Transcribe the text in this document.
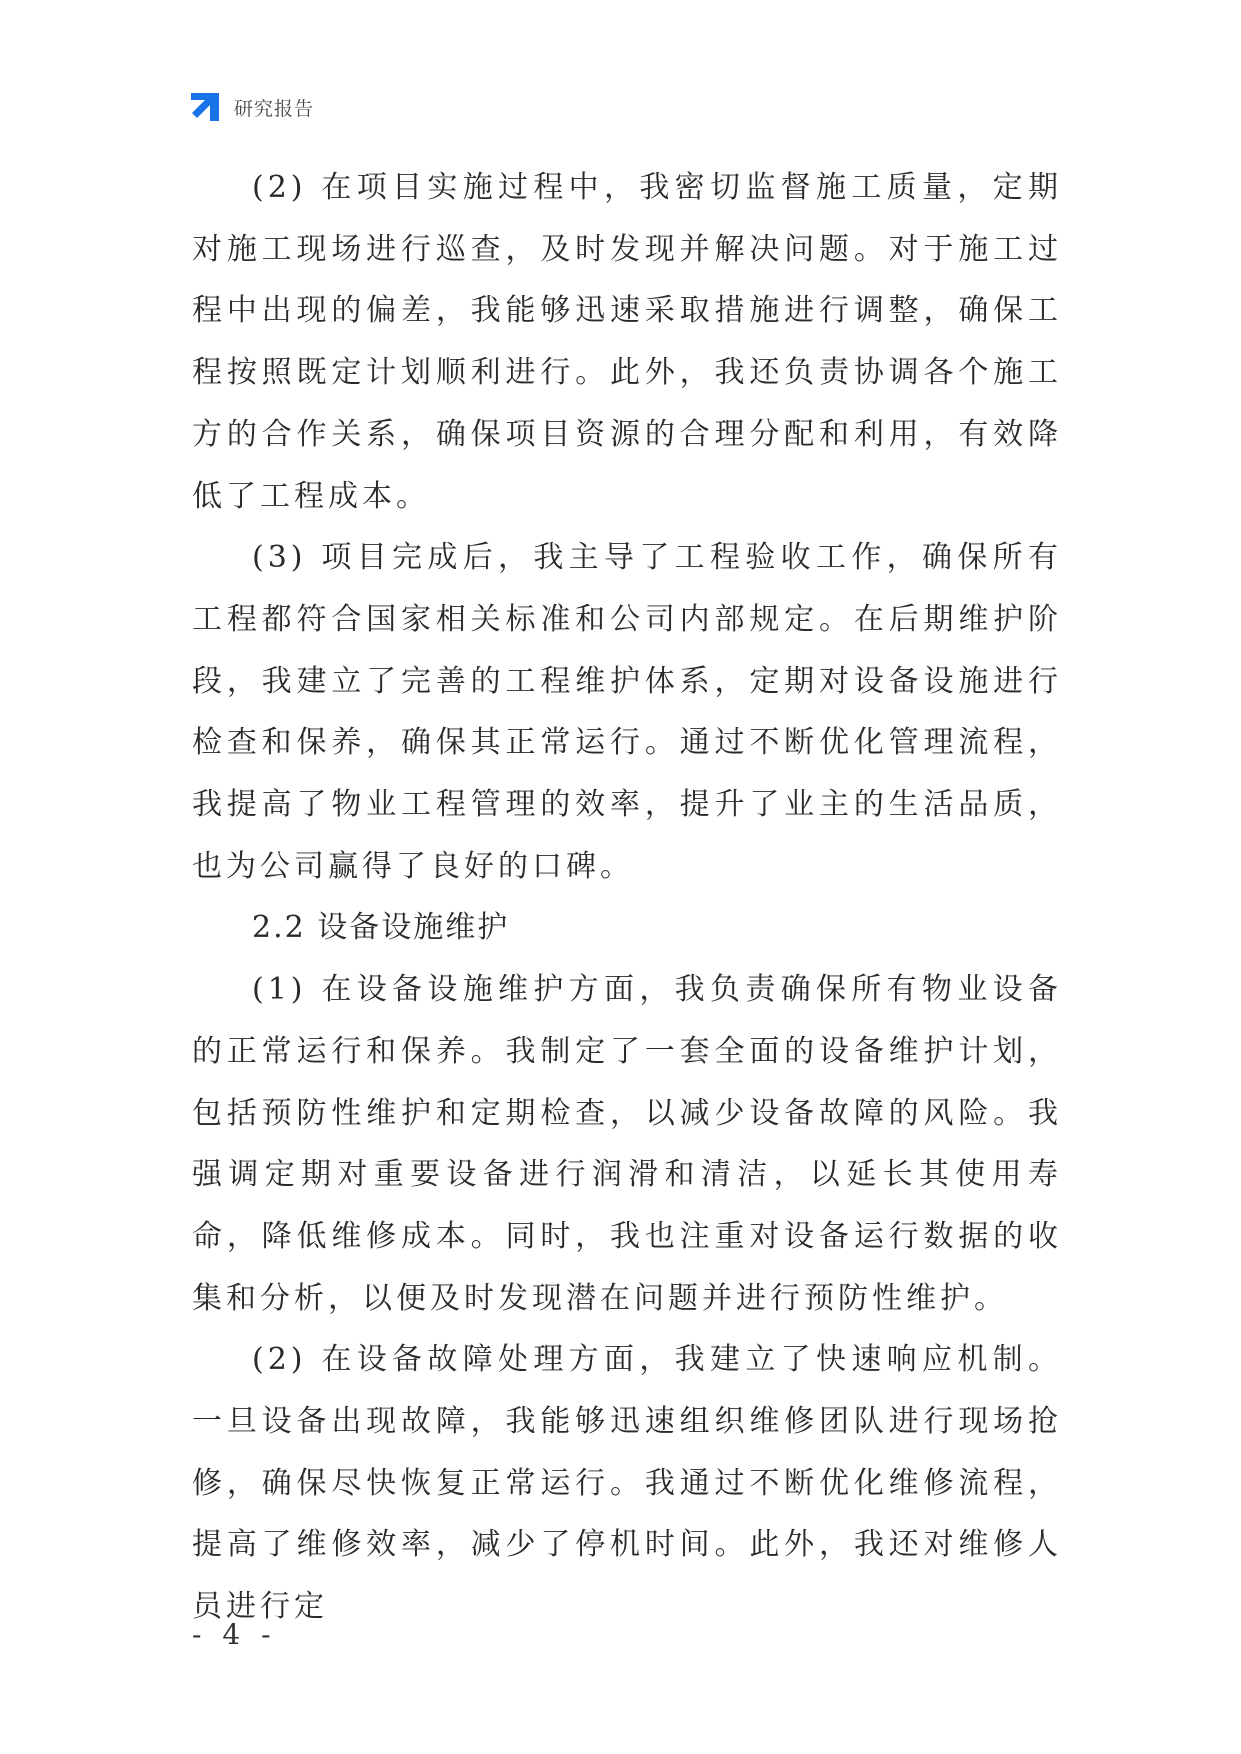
研究报告

(2) 在项目实施过程中，我密切监督施工质量，定期对施工现场进行巡查，及时发现并解决问题。对于施工过程中出现的偏差，我能够迅速采取措施进行调整，确保工程按照既定计划顺利进行。此外，我还负责协调各个施工方的合作关系，确保项目资源的合理分配和利用，有效降低了工程成本。

(3) 项目完成后，我主导了工程验收工作，确保所有工程都符合国家相关标准和公司内部规定。在后期维护阶段，我建立了完善的工程维护体系，定期对设备设施进行检查和保养，确保其正常运行。通过不断优化管理流程，我提高了物业工程管理的效率，提升了业主的生活品质，也为公司赢得了良好的口碑。

2.2 设备设施维护

(1) 在设备设施维护方面，我负责确保所有物业设备的正常运行和保养。我制定了一套全面的设备维护计划，包括预防性维护和定期检查，以减少设备故障的风险。我强调定期对重要设备进行润滑和清洁，以延长其使用寿命，降低维修成本。同时，我也注重对设备运行数据的收集和分析，以便及时发现潜在问题并进行预防性维护。

(2) 在设备故障处理方面，我建立了快速响应机制。一旦设备出现故障，我能够迅速组织维修团队进行现场抢修，确保尽快恢复正常运行。我通过不断优化维修流程，提高了维修效率，减少了停机时间。此外，我还对维修人员进行定

- 4 -
